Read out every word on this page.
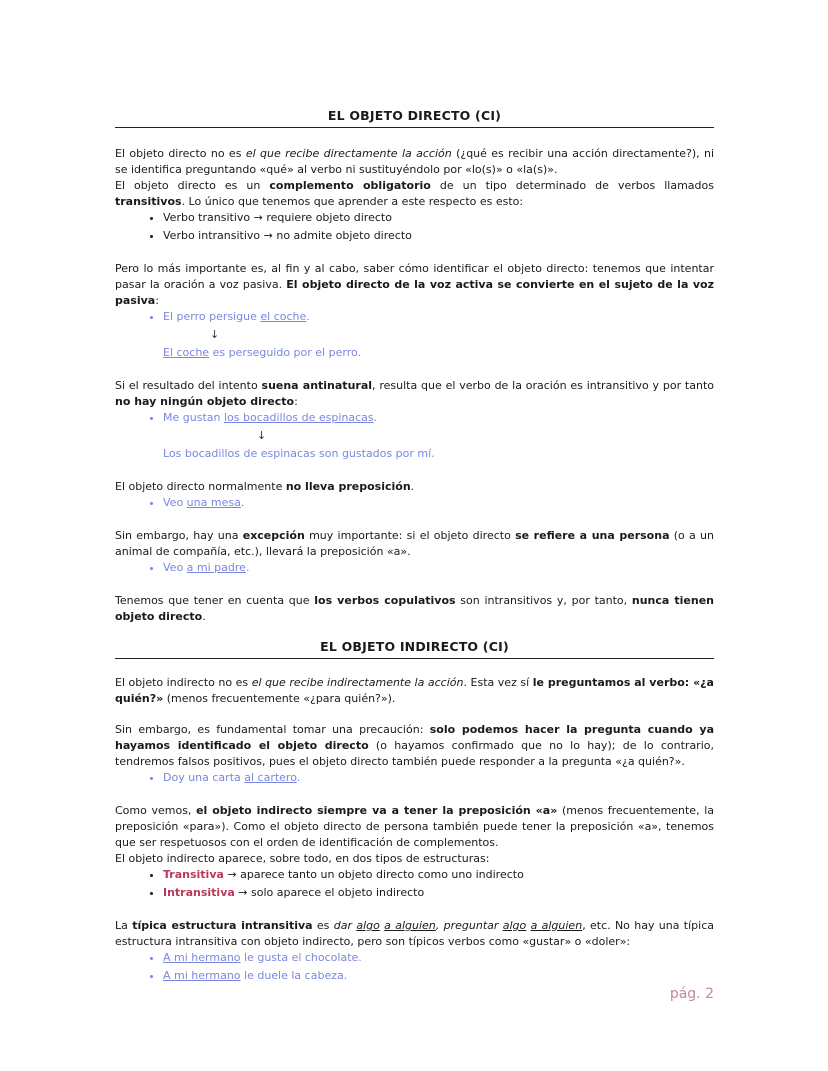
EL OBJETO DIRECTO (CI)

El objeto directo no es el que recibe directamente la acción (¿qué es recibir una acción directamente?), ni se identifica preguntando «qué» al verbo ni sustituyéndolo por «lo(s)» o «la(s)».

El objeto directo es un complemento obligatorio de un tipo determinado de verbos llamados transitivos. Lo único que tenemos que aprender a este respecto es esto:

• Verbo transitivo → requiere objeto directo
• Verbo intransitivo → no admite objeto directo

Pero lo más importante es, al fin y al cabo, saber cómo identificar el objeto directo: tenemos que intentar pasar la oración a voz pasiva. El objeto directo de la voz activa se convierte en el sujeto de la voz pasiva:

• El perro persigue el coche.
↓
El coche es perseguido por el perro.

Si el resultado del intento suena antinatural, resulta que el verbo de la oración es intransitivo y por tanto no hay ningún objeto directo:

• Me gustan los bocadillos de espinacas.
↓
Los bocadillos de espinacas son gustados por mí.

El objeto directo normalmente no lleva preposición.

• Veo una mesa.

Sin embargo, hay una excepción muy importante: si el objeto directo se refiere a una persona (o a un animal de compañía, etc.), llevará la preposición «a».

• Veo a mi padre.

Tenemos que tener en cuenta que los verbos copulativos son intransitivos y, por tanto, nunca tienen objeto directo.

EL OBJETO INDIRECTO (CI)

El objeto indirecto no es el que recibe indirectamente la acción. Esta vez sí le preguntamos al verbo: «¿a quién?» (menos frecuentemente «¿para quién?»).

Sin embargo, es fundamental tomar una precaución: solo podemos hacer la pregunta cuando ya hayamos identificado el objeto directo (o hayamos confirmado que no lo hay); de lo contrario, tendremos falsos positivos, pues el objeto directo también puede responder a la pregunta «¿a quién?».

• Doy una carta al cartero.

Como vemos, el objeto indirecto siempre va a tener la preposición «a» (menos frecuentemente, la preposición «para»). Como el objeto directo de persona también puede tener la preposición «a», tenemos que ser respetuosos con el orden de identificación de complementos.

El objeto indirecto aparece, sobre todo, en dos tipos de estructuras:

• Transitiva → aparece tanto un objeto directo como uno indirecto
• Intransitiva → solo aparece el objeto indirecto

La típica estructura intransitiva es dar algo a alguien, preguntar algo a alguien, etc. No hay una típica estructura intransitiva con objeto indirecto, pero son típicos verbos como «gustar» o «doler»:

• A mi hermano le gusta el chocolate.
• A mi hermano le duele la cabeza.
pág. 2
